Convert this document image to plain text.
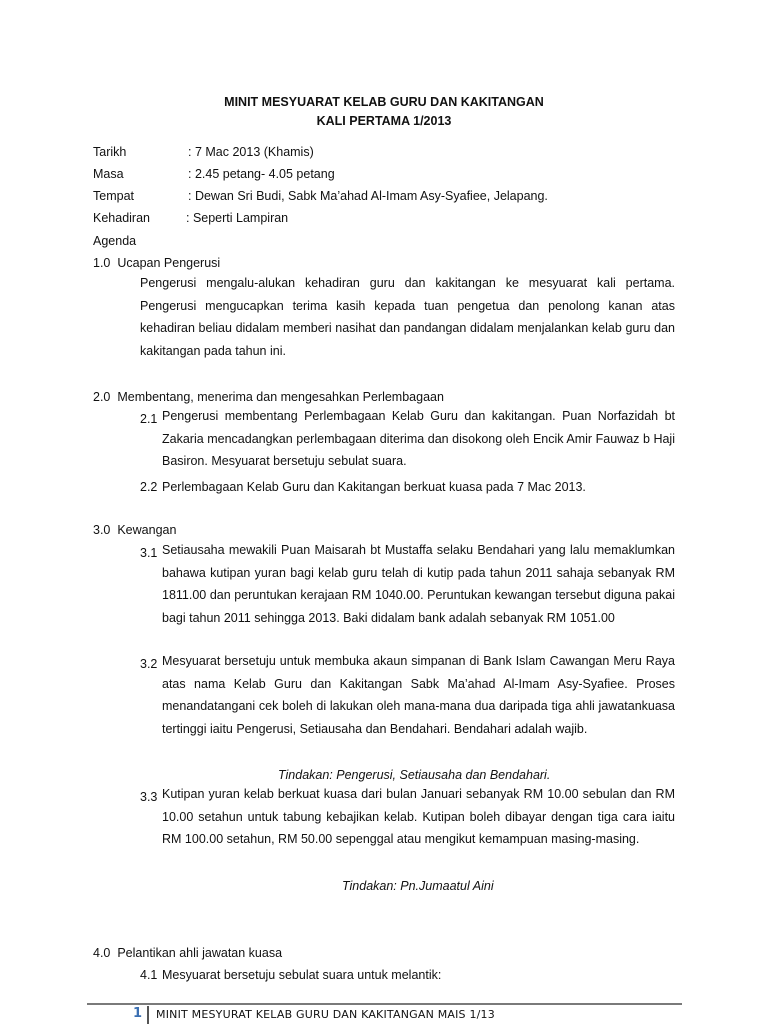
MINIT MESYUARAT KELAB GURU DAN KAKITANGAN
KALI PERTAMA 1/2013
Tarikh	: 7 Mac 2013 (Khamis)
Masa	: 2.45 petang- 4.05 petang
Tempat	: Dewan Sri Budi, Sabk Ma’ahad Al-Imam Asy-Syafiee, Jelapang.
Kehadiran	: Seperti Lampiran
Agenda
1.0 Ucapan Pengerusi
Pengerusi mengalu-alukan kehadiran guru dan kakitangan ke mesyuarat kali pertama. Pengerusi mengucapkan terima kasih kepada tuan pengetua dan penolong kanan atas kehadiran beliau didalam memberi nasihat dan pandangan didalam menjalankan kelab guru dan kakitangan pada tahun ini.
2.0 Membentang, menerima dan mengesahkan Perlembagaan
2.1 Pengerusi membentang Perlembagaan Kelab Guru dan kakitangan. Puan Norfazidah bt Zakaria mencadangkan perlembagaan diterima dan disokong oleh Encik Amir Fauwaz b Haji Basiron. Mesyuarat bersetuju sebulat suara.
2.2 Perlembagaan Kelab Guru dan Kakitangan berkuat kuasa pada 7 Mac 2013.
3.0 Kewangan
3.1 Setiausaha mewakili Puan Maisarah bt Mustaffa selaku Bendahari yang lalu memaklumkan bahawa kutipan yuran bagi kelab guru telah di kutip pada tahun 2011 sahaja sebanyak RM 1811.00 dan peruntukan kerajaan RM 1040.00. Peruntukan kewangan tersebut diguna pakai bagi tahun 2011 sehingga 2013. Baki didalam bank adalah sebanyak RM 1051.00
3.2 Mesyuarat bersetuju untuk membuka akaun simpanan di Bank Islam Cawangan Meru Raya atas nama Kelab Guru dan Kakitangan Sabk Ma’ahad Al-Imam Asy-Syafiee. Proses menandatangani cek boleh di lakukan oleh mana-mana dua daripada tiga ahli jawatankuasa tertinggi iaitu Pengerusi, Setiausaha dan Bendahari. Bendahari adalah wajib.
Tindakan: Pengerusi, Setiausaha dan Bendahari.
3.3 Kutipan yuran kelab berkuat kuasa dari bulan Januari sebanyak RM 10.00 sebulan dan RM 10.00 setahun untuk tabung kebajikan kelab. Kutipan boleh dibayar dengan tiga cara iaitu RM 100.00 setahun, RM 50.00 sepenggal atau mengikut kemampuan masing-masing.
Tindakan: Pn.Jumaatul Aini
4.0 Pelantikan ahli jawatan kuasa
4.1 Mesyuarat bersetuju sebulat suara untuk melantik:
1 MINIT MESYURAT KELAB GURU DAN KAKITANGAN MAIS 1/13
